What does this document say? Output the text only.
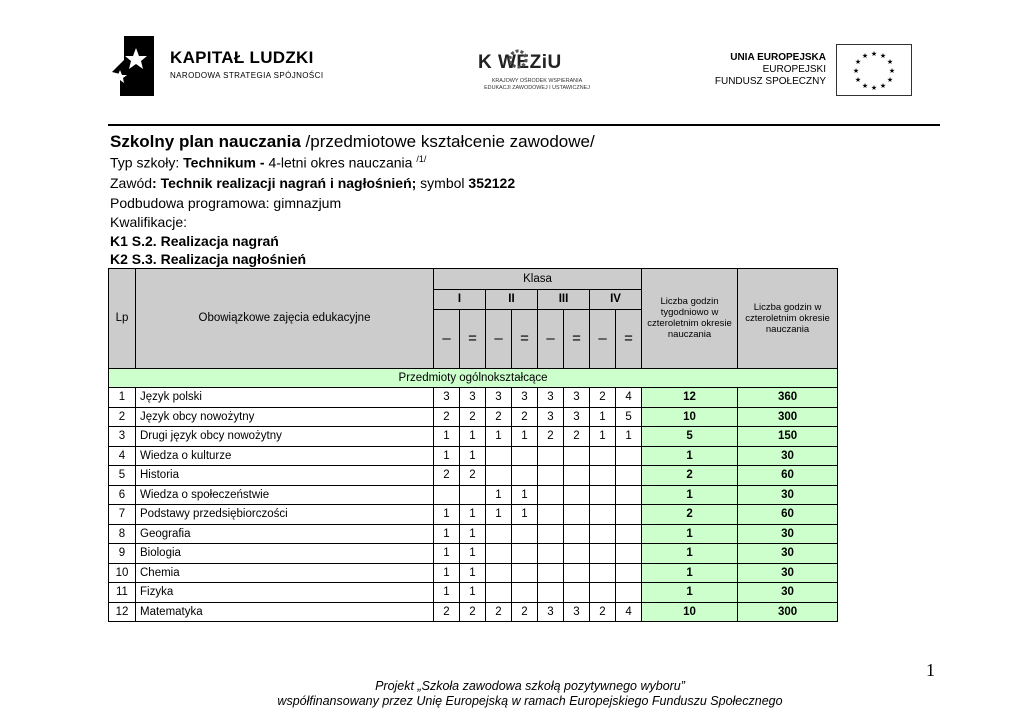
KAPITAŁ LUDZKI
NARODOWA STRATEGIA SPÓJNOŚCI
K WEZiU
KRAJOWY OŚRODEK WSPIERANIA EDUKACJI ZAWODOWEJ I USTAWICZNEJ
UNIA EUROPEJSKA
EUROPEJSKI
FUNDUSZ SPOŁECZNY
★ ★
★
★
★
★
★
★
★
★
★
★
Szkolny plan nauczania /przedmiotowe kształcenie zawodowe/
Typ szkoły: Technikum - 4-letni okres nauczania $^{/1/}$
Zawód: Technik realizacji nagrań i nagłośnień; symbol 352122
Podbudowa programowa: gimnazjum
Kwalifikacje:
K1 S.2. Realizacja nagrań
K2 S.3. Realizacja nagłośnień
Lp	Obowiązkowe zajęcia edukacyjne	Klasa								Liczba godzin tygodniowo w czteroletnim okresie nauczania	Liczba godzin w czteroletnim okresie nauczania
		I		II		III		IV			
		–	=	–	=	–	=	–	=		
Przedmioty ogólnokształcące											
1	Język polski	3	3	3	3	3	3	2	4	12	360
2	Język obcy nowożytny	2	2	2	2	3	3	1	5	10	300
3	Drugi język obcy nowożytny	1	1	1	1	2	2	1	1	5	150
4	Wiedza o kulturze	1	1							1	30
5	Historia	2	2							2	60
6	Wiedza o społeczeństwie			1	1					1	30
7	Podstawy przedsiębiorczości	1	1	1	1					2	60
8	Geografia	1	1							1	30
9	Biologia	1	1							1	30
10	Chemia	1	1							1	30
11	Fizyka	1	1							1	30
12	Matematyka	2	2	2	2	3	3	2	4	10	300
1
Projekt „Szkoła zawodowa szkołą pozytywnego wyboru”
współfinansowany przez Unię Europejską w ramach Europejskiego Funduszu Społecznego
